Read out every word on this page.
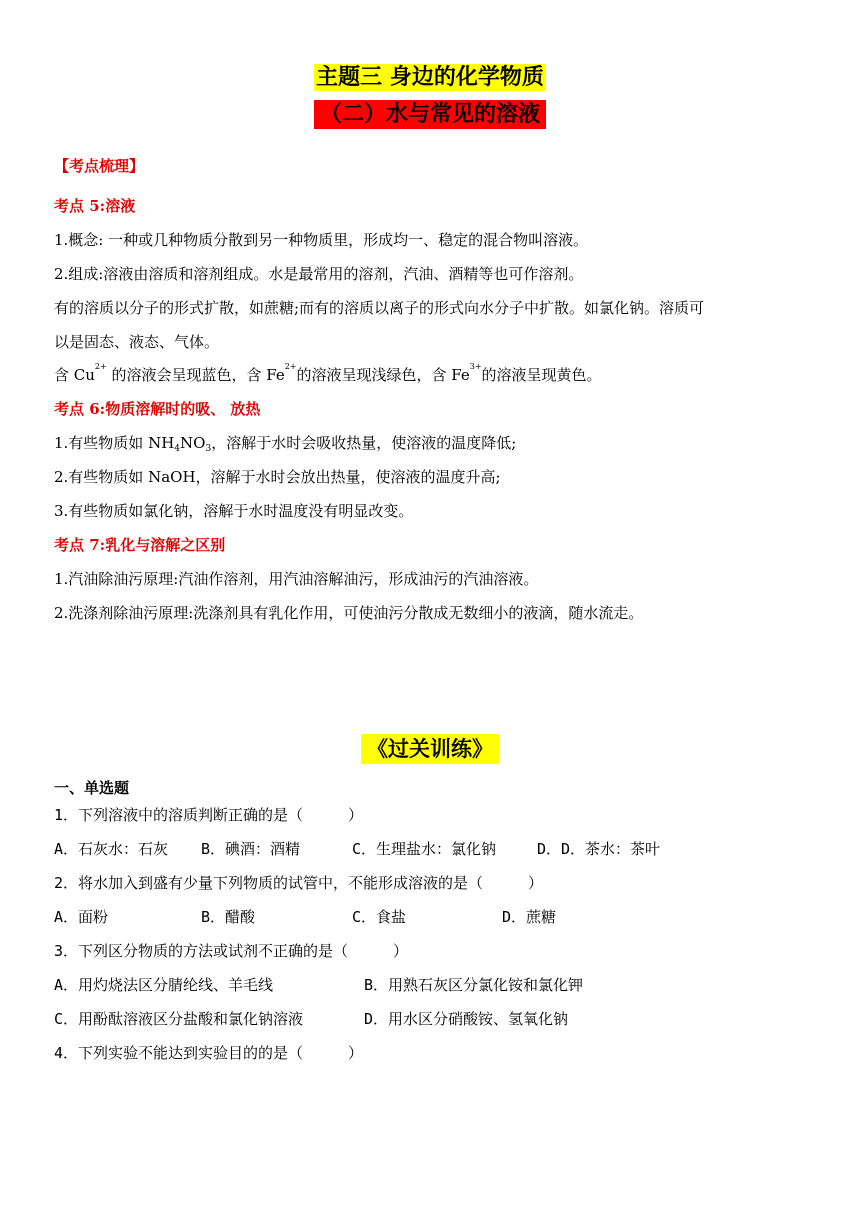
主题三 身边的化学物质
（二）水与常见的溶液
【考点梳理】
考点 5:溶液
1.概念: 一种或几种物质分散到另一种物质里，形成均一、稳定的混合物叫溶液。
2.组成:溶液由溶质和溶剂组成。水是最常用的溶剂，汽油、酒精等也可作溶剂。
有的溶质以分子的形式扩散，如蔗糖;而有的溶质以离子的形式向水分子中扩散。如氯化钠。溶质可
以是固态、液态、气体。
含 $Cu^{2+}$ 的溶液会呈现蓝色，含 $Fe^{2+}$的溶液呈现浅绿色，含 $Fe^{3+}$的溶液呈现黄色。
考点 6:物质溶解时的吸、 放热
1.有些物质如 $NH_4NO_3$，溶解于水时会吸收热量，使溶液的温度降低;
2.有些物质如 NaOH，溶解于水时会放出热量，使溶液的温度升高;
3.有些物质如氯化钠，溶解于水时温度没有明显改变。
考点 7:乳化与溶解之区别
1.汽油除油污原理:汽油作溶剂，用汽油溶解油污，形成油污的汽油溶液。
2.洗涤剂除油污原理:洗涤剂具有乳化作用，可使油污分散成无数细小的液滴，随水流走。
《过关训练》
一、单选题
1．下列溶液中的溶质判断正确的是（　　　）
A．石灰水：石灰 B．碘酒：酒精	C．生理盐水：氯化钠	D．D．茶水：茶叶
2．将水加入到盛有少量下列物质的试管中，不能形成溶液的是（　　　）
A．面粉	B．醋酸	C．食盐	D．蔗糖
3．下列区分物质的方法或试剂不正确的是（　　　）
A．用灼烧法区分腈纶线、羊毛线	B．用熟石灰区分氯化铵和氯化钾
C．用酚酞溶液区分盐酸和氯化钠溶液	D．用水区分硝酸铵、氢氧化钠
4．下列实验不能达到实验目的的是（　　　）
